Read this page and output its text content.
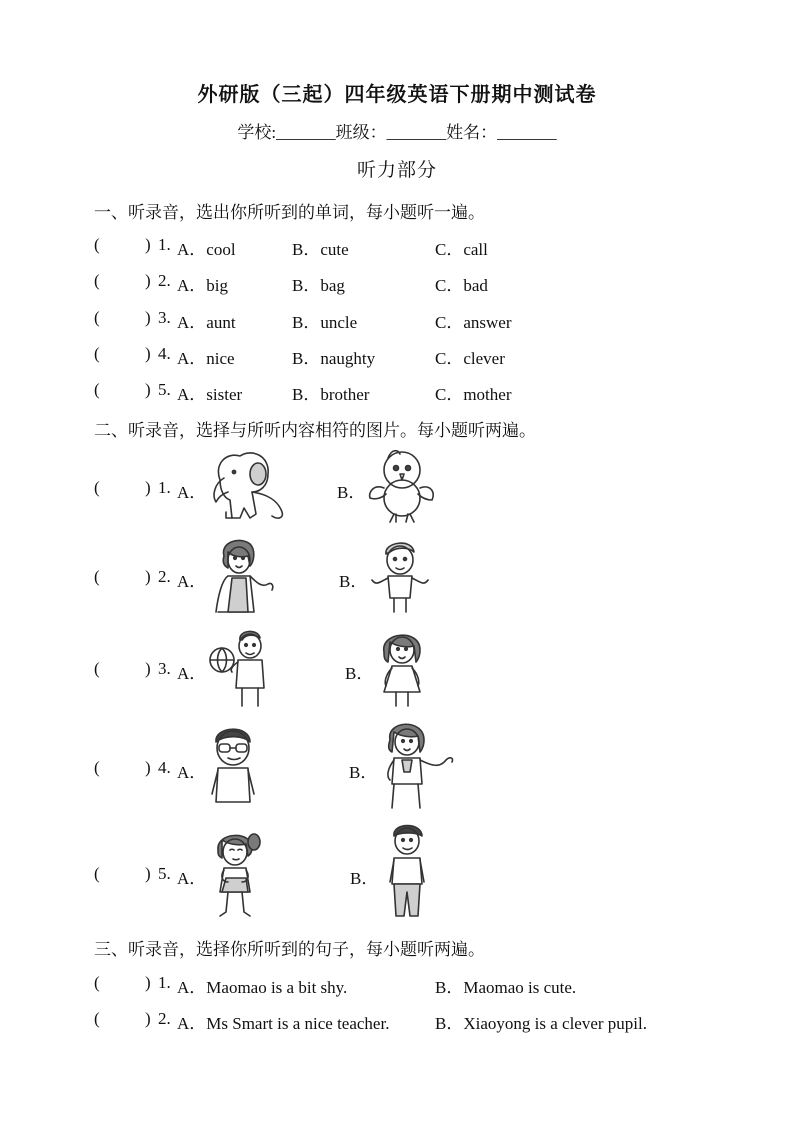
外研版（三起）四年级英语下册期中测试卷
学校:_______班级：_______姓名：_______
听力部分
一、听录音，选出你所听到的单词，每小题听一遍。
(	) 1. A．cool	B．cute	C．call
(	) 2. A．big	B．bag	C．bad
(	) 3. A．aunt	B．uncle	C．answer
(	) 4. A．nice	B．naughty	C．clever
(	) 5. A．sister	B．brother	C．mother
二、听录音，选择与所听内容相符的图片。每小题听两遍。
(	) 1. A．	B．
(	) 2. A．	B．
(	) 3. A．	B．
(	) 4. A．	B．
(	) 5. A．	B．
三、听录音，选择你所听到的句子，每小题听两遍。
(	) 1. A．Maomao is a bit shy.	B．Maomao is cute.
(	) 2. A．Ms Smart is a nice teacher.	B．Xiaoyong is a clever pupil.
